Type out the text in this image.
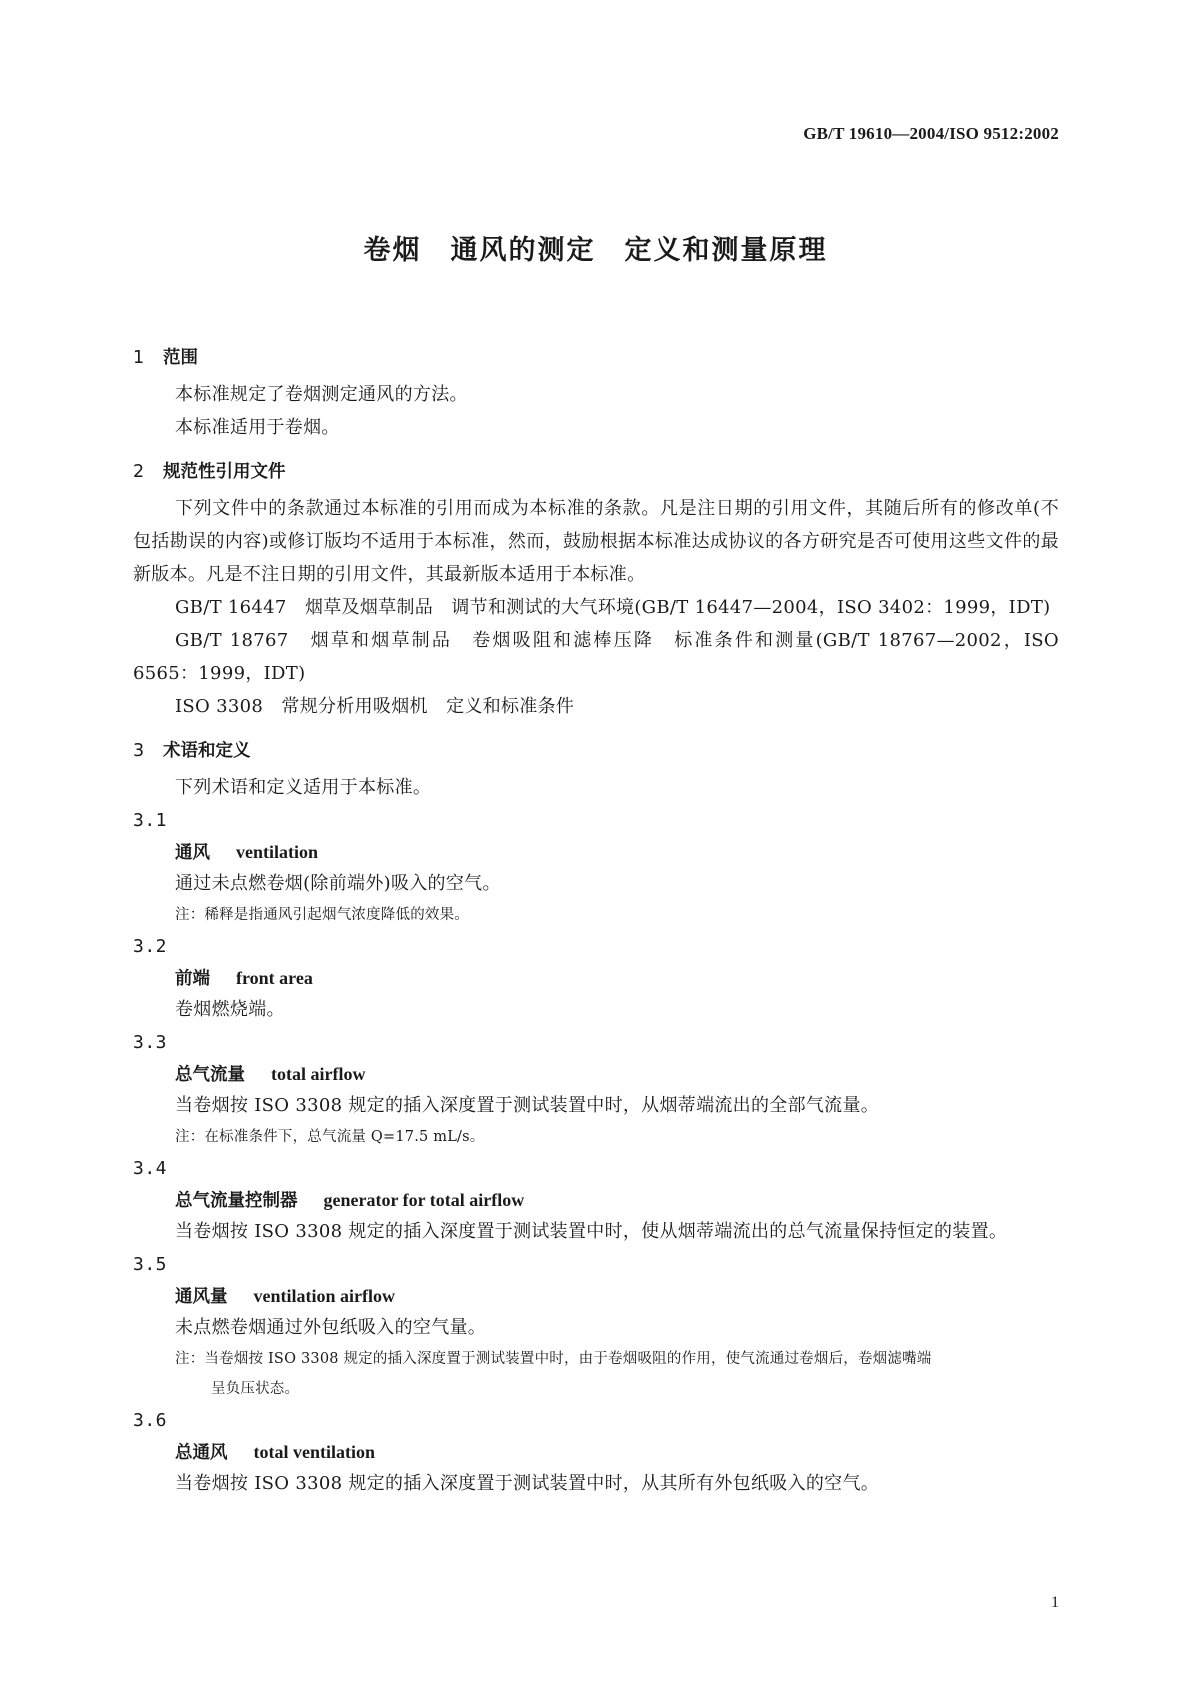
GB/T 19610—2004/ISO 9512:2002
卷烟　通风的测定　定义和测量原理
1 范围
本标准规定了卷烟测定通风的方法。
本标准适用于卷烟。
2 规范性引用文件
下列文件中的条款通过本标准的引用而成为本标准的条款。凡是注日期的引用文件，其随后所有的修改单(不包括勘误的内容)或修订版均不适用于本标准，然而，鼓励根据本标准达成协议的各方研究是否可使用这些文件的最新版本。凡是不注日期的引用文件，其最新版本适用于本标准。
GB/T 16447　烟草及烟草制品　调节和测试的大气环境(GB/T 16447—2004，ISO 3402：1999，IDT)
GB/T 18767　烟草和烟草制品　卷烟吸阻和滤棒压降　标准条件和测量(GB/T 18767—2002，ISO 6565：1999，IDT)
ISO 3308　常规分析用吸烟机　定义和标准条件
3 术语和定义
下列术语和定义适用于本标准。
3.1
通风 ventilation
通过未点燃卷烟(除前端外)吸入的空气。
注：稀释是指通风引起烟气浓度降低的效果。
3.2
前端 front area
卷烟燃烧端。
3.3
总气流量 total airflow
当卷烟按 ISO 3308 规定的插入深度置于测试装置中时，从烟蒂端流出的全部气流量。
注：在标准条件下，总气流量 Q=17.5 mL/s。
3.4
总气流量控制器 generator for total airflow
当卷烟按 ISO 3308 规定的插入深度置于测试装置中时，使从烟蒂端流出的总气流量保持恒定的装置。
3.5
通风量 ventilation airflow
未点燃卷烟通过外包纸吸入的空气量。
注：当卷烟按 ISO 3308 规定的插入深度置于测试装置中时，由于卷烟吸阻的作用，使气流通过卷烟后，卷烟滤嘴端
呈负压状态。
3.6
总通风 total ventilation
当卷烟按 ISO 3308 规定的插入深度置于测试装置中时，从其所有外包纸吸入的空气。
1
